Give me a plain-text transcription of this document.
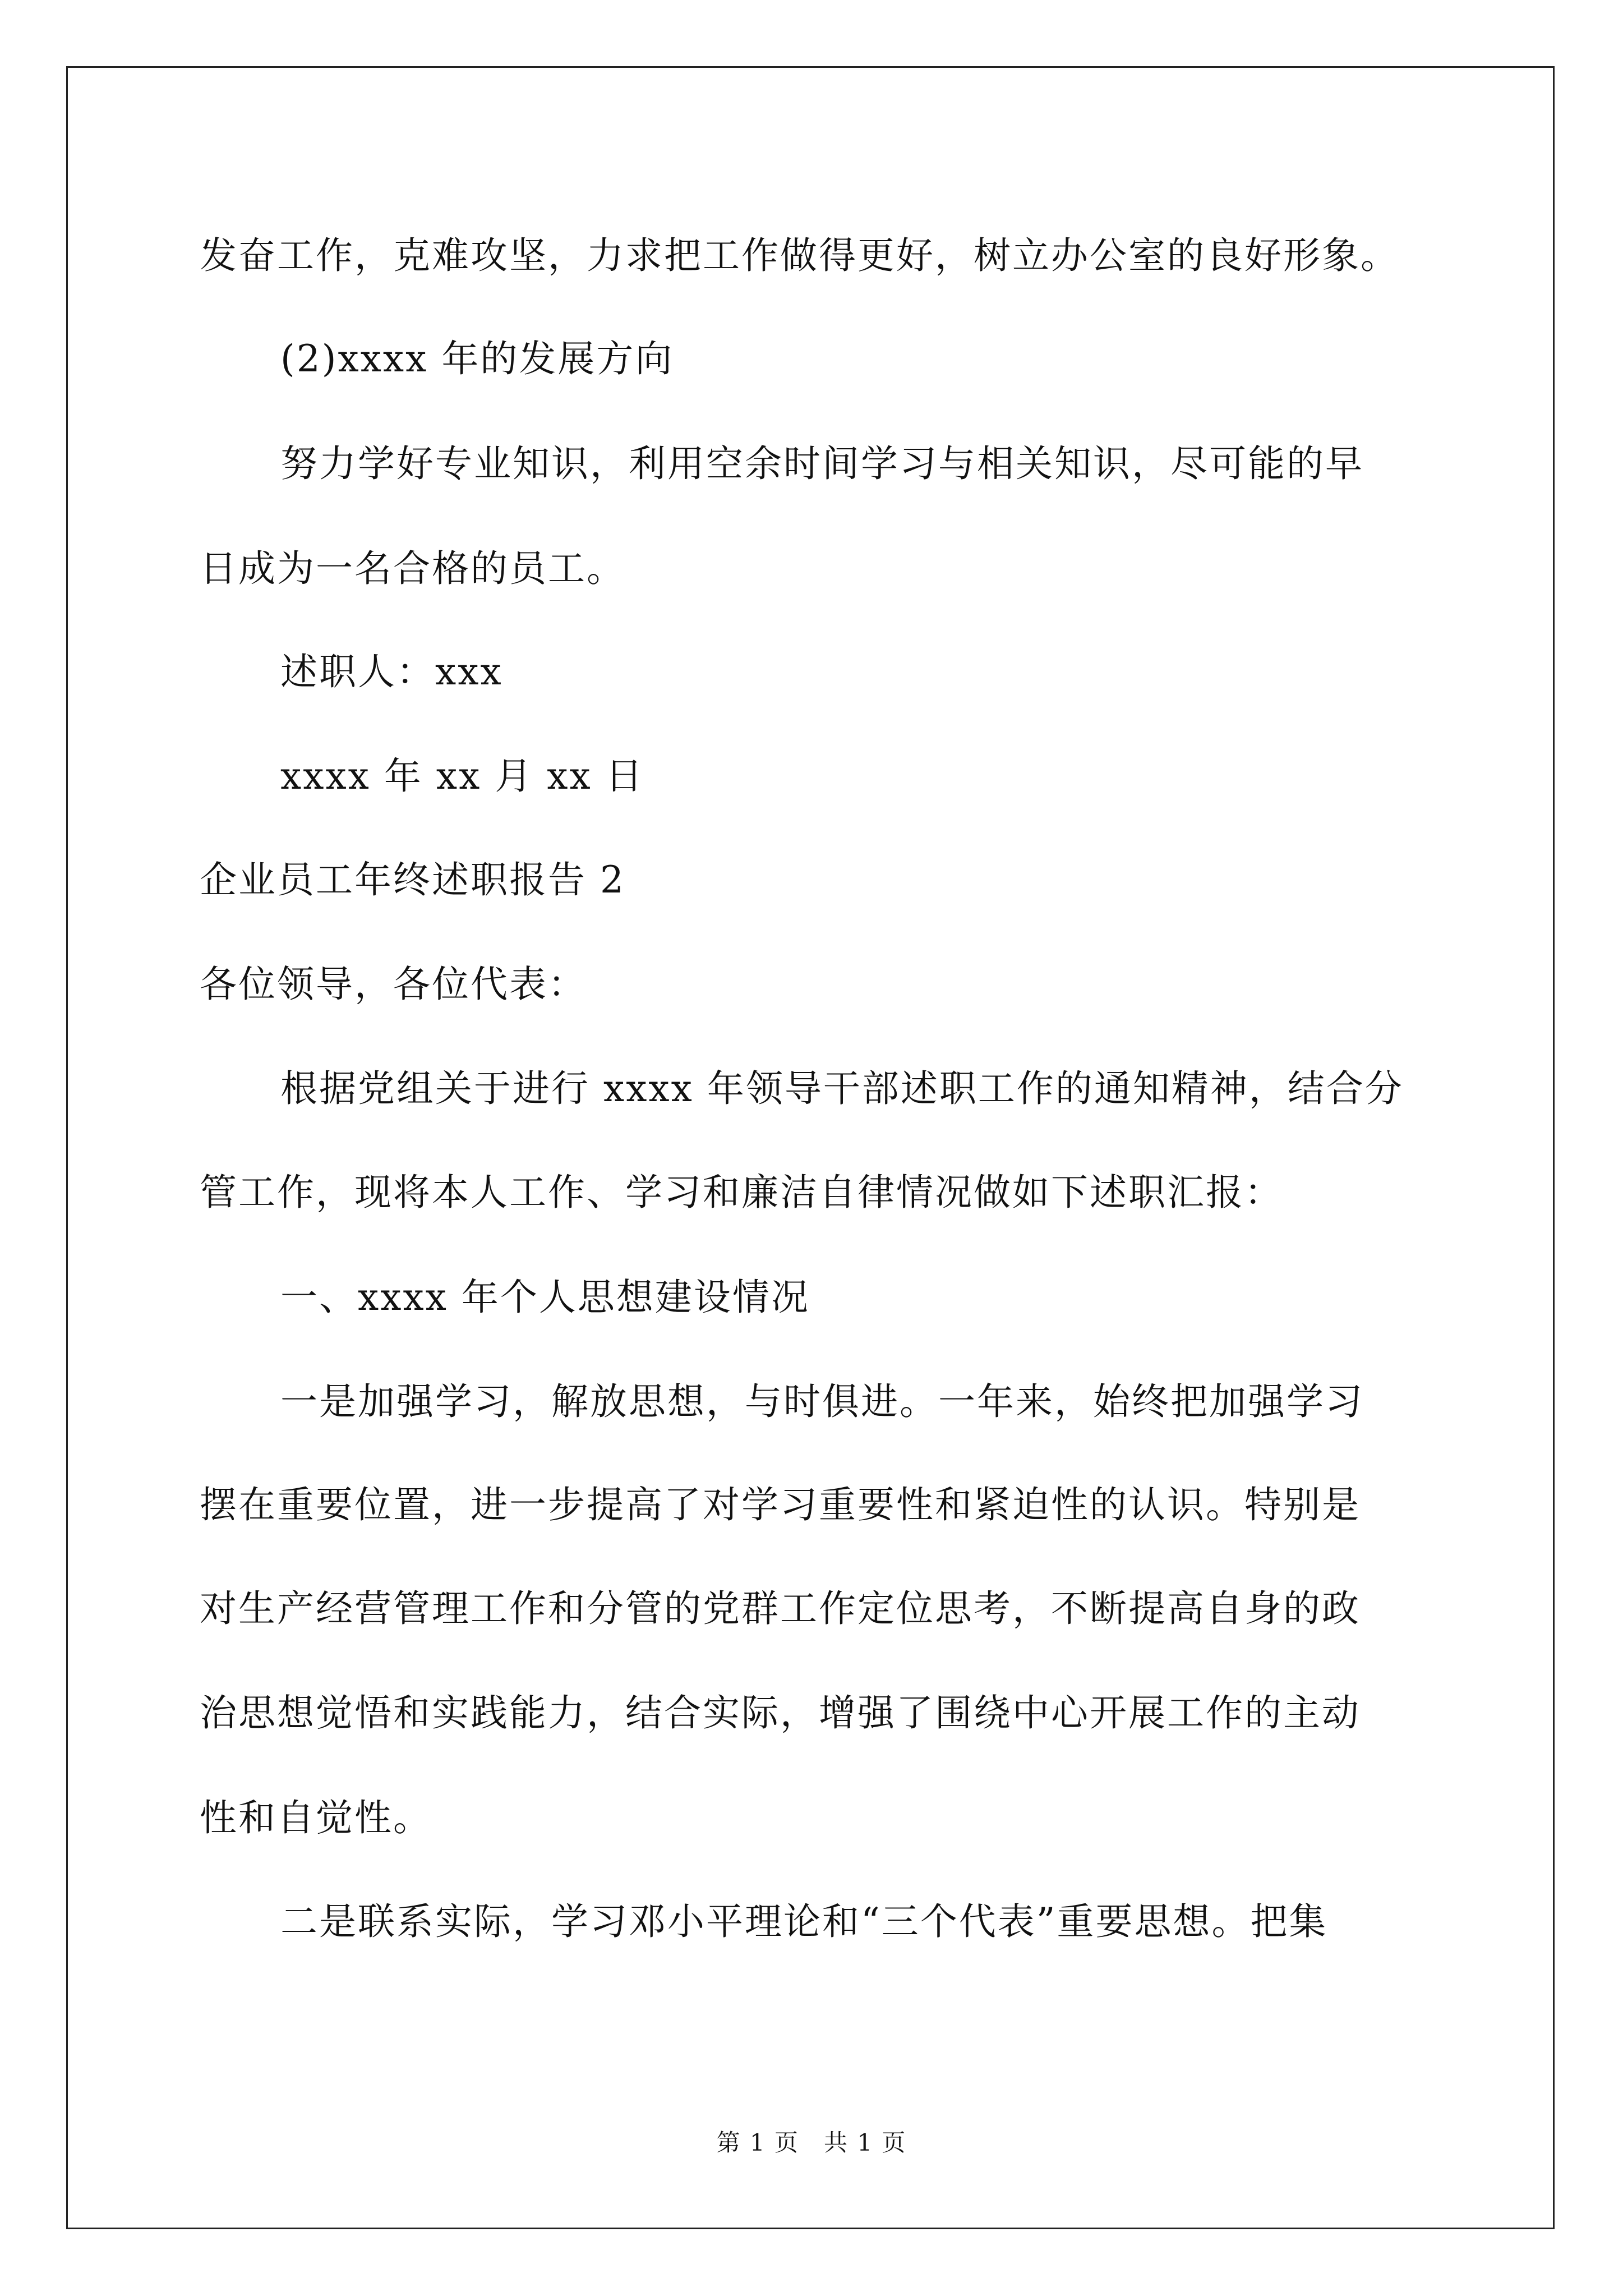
发奋工作，克难攻坚，力求把工作做得更好，树立办公室的良好形象。
(2)xxxx 年的发展方向
努力学好专业知识，利用空余时间学习与相关知识，尽可能的早
日成为一名合格的员工。
述职人：xxx
xxxx 年 xx 月 xx 日
企业员工年终述职报告 2
各位领导，各位代表：
根据党组关于进行 xxxx 年领导干部述职工作的通知精神，结合分
管工作，现将本人工作、学习和廉洁自律情况做如下述职汇报：
一、xxxx 年个人思想建设情况
一是加强学习，解放思想，与时俱进。一年来，始终把加强学习
摆在重要位置，进一步提高了对学习重要性和紧迫性的认识。特别是
对生产经营管理工作和分管的党群工作定位思考，不断提高自身的政
治思想觉悟和实践能力，结合实际，增强了围绕中心开展工作的主动
性和自觉性。
二是联系实际，学习邓小平理论和“三个代表”重要思想。把集
第 1 页　共 1 页
